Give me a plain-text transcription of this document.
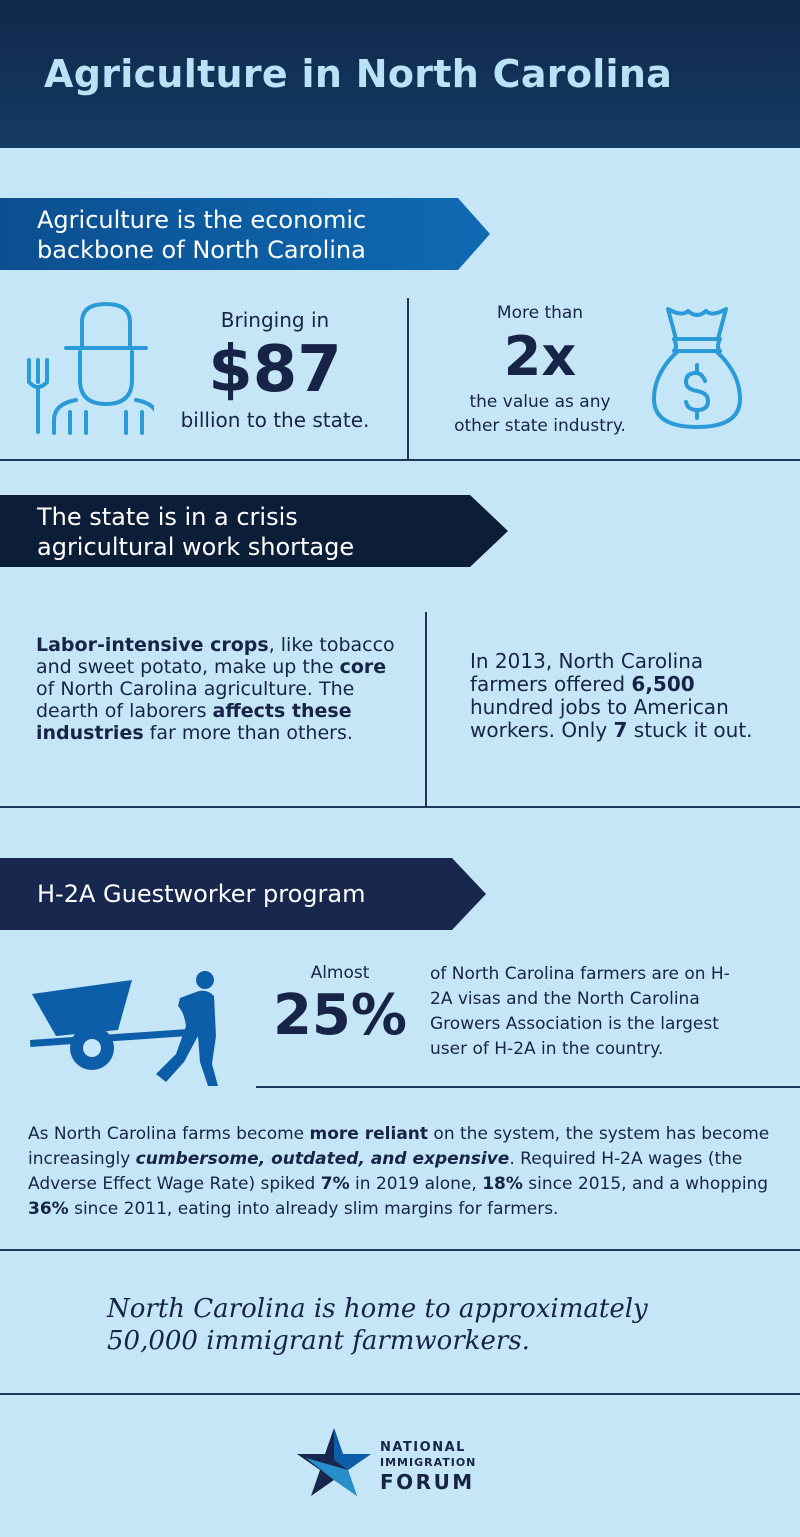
Agriculture in North Carolina
Agriculture is the economic
backbone of North Carolina
Bringing in
$87
billion to the state.
More than
2x
the value as any
other state industry.
The state is in a crisis
agricultural work shortage
Labor-intensive crops, like tobacco and sweet potato, make up the core of North Carolina agriculture. The dearth of laborers affects these industries far more than others.
In 2013, North Carolina farmers offered 6,500 hundred jobs to American workers. Only 7 stuck it out.
H-2A Guestworker program
Almost
25%
of North Carolina farmers are on H-2A visas and the North Carolina Growers Association is the largest user of H-2A in the country.
As North Carolina farms become more reliant on the system, the system has become increasingly cumbersome, outdated, and expensive. Required H-2A wages (the Adverse Effect Wage Rate) spiked 7% in 2019 alone, 18% since 2015, and a whopping 36% since 2011, eating into already slim margins for farmers.
North Carolina is home to approximately
50,000 immigrant farmworkers.
NATIONAL
IMMIGRATION
FORUM
